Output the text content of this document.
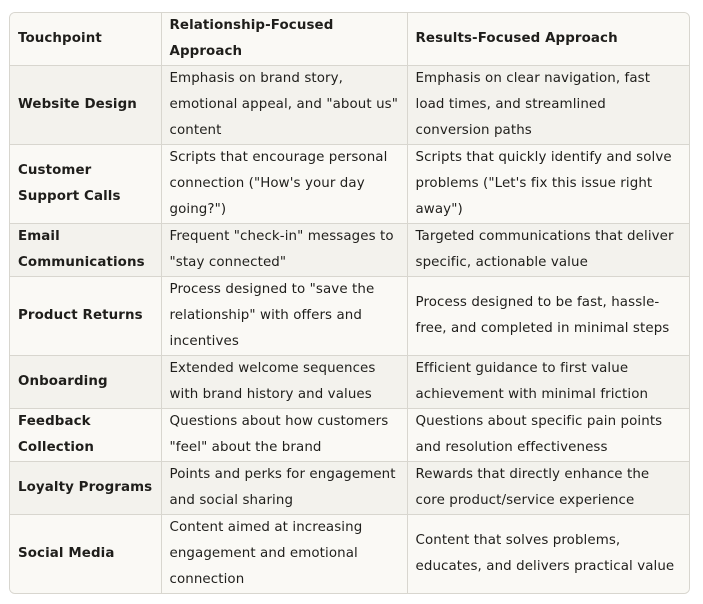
Touchpoint	Relationship-Focused Approach	Results-Focused Approach
Website Design	Emphasis on brand story, emotional appeal, and "about us" content	Emphasis on clear navigation, fast load times, and streamlined conversion paths
Customer Support Calls	Scripts that encourage personal connection ("How's your day going?")	Scripts that quickly identify and solve problems ("Let's fix this issue right away")
Email Communications	Frequent "check-in" messages to "stay connected"	Targeted communications that deliver specific, actionable value
Product Returns	Process designed to "save the relationship" with offers and incentives	Process designed to be fast, hassle-free, and completed in minimal steps
Onboarding	Extended welcome sequences with brand history and values	Efficient guidance to first value achievement with minimal friction
Feedback Collection	Questions about how customers "feel" about the brand	Questions about specific pain points and resolution effectiveness
Loyalty Programs	Points and perks for engagement and social sharing	Rewards that directly enhance the core product/service experience
Social Media	Content aimed at increasing engagement and emotional connection	Content that solves problems, educates, and delivers practical value
